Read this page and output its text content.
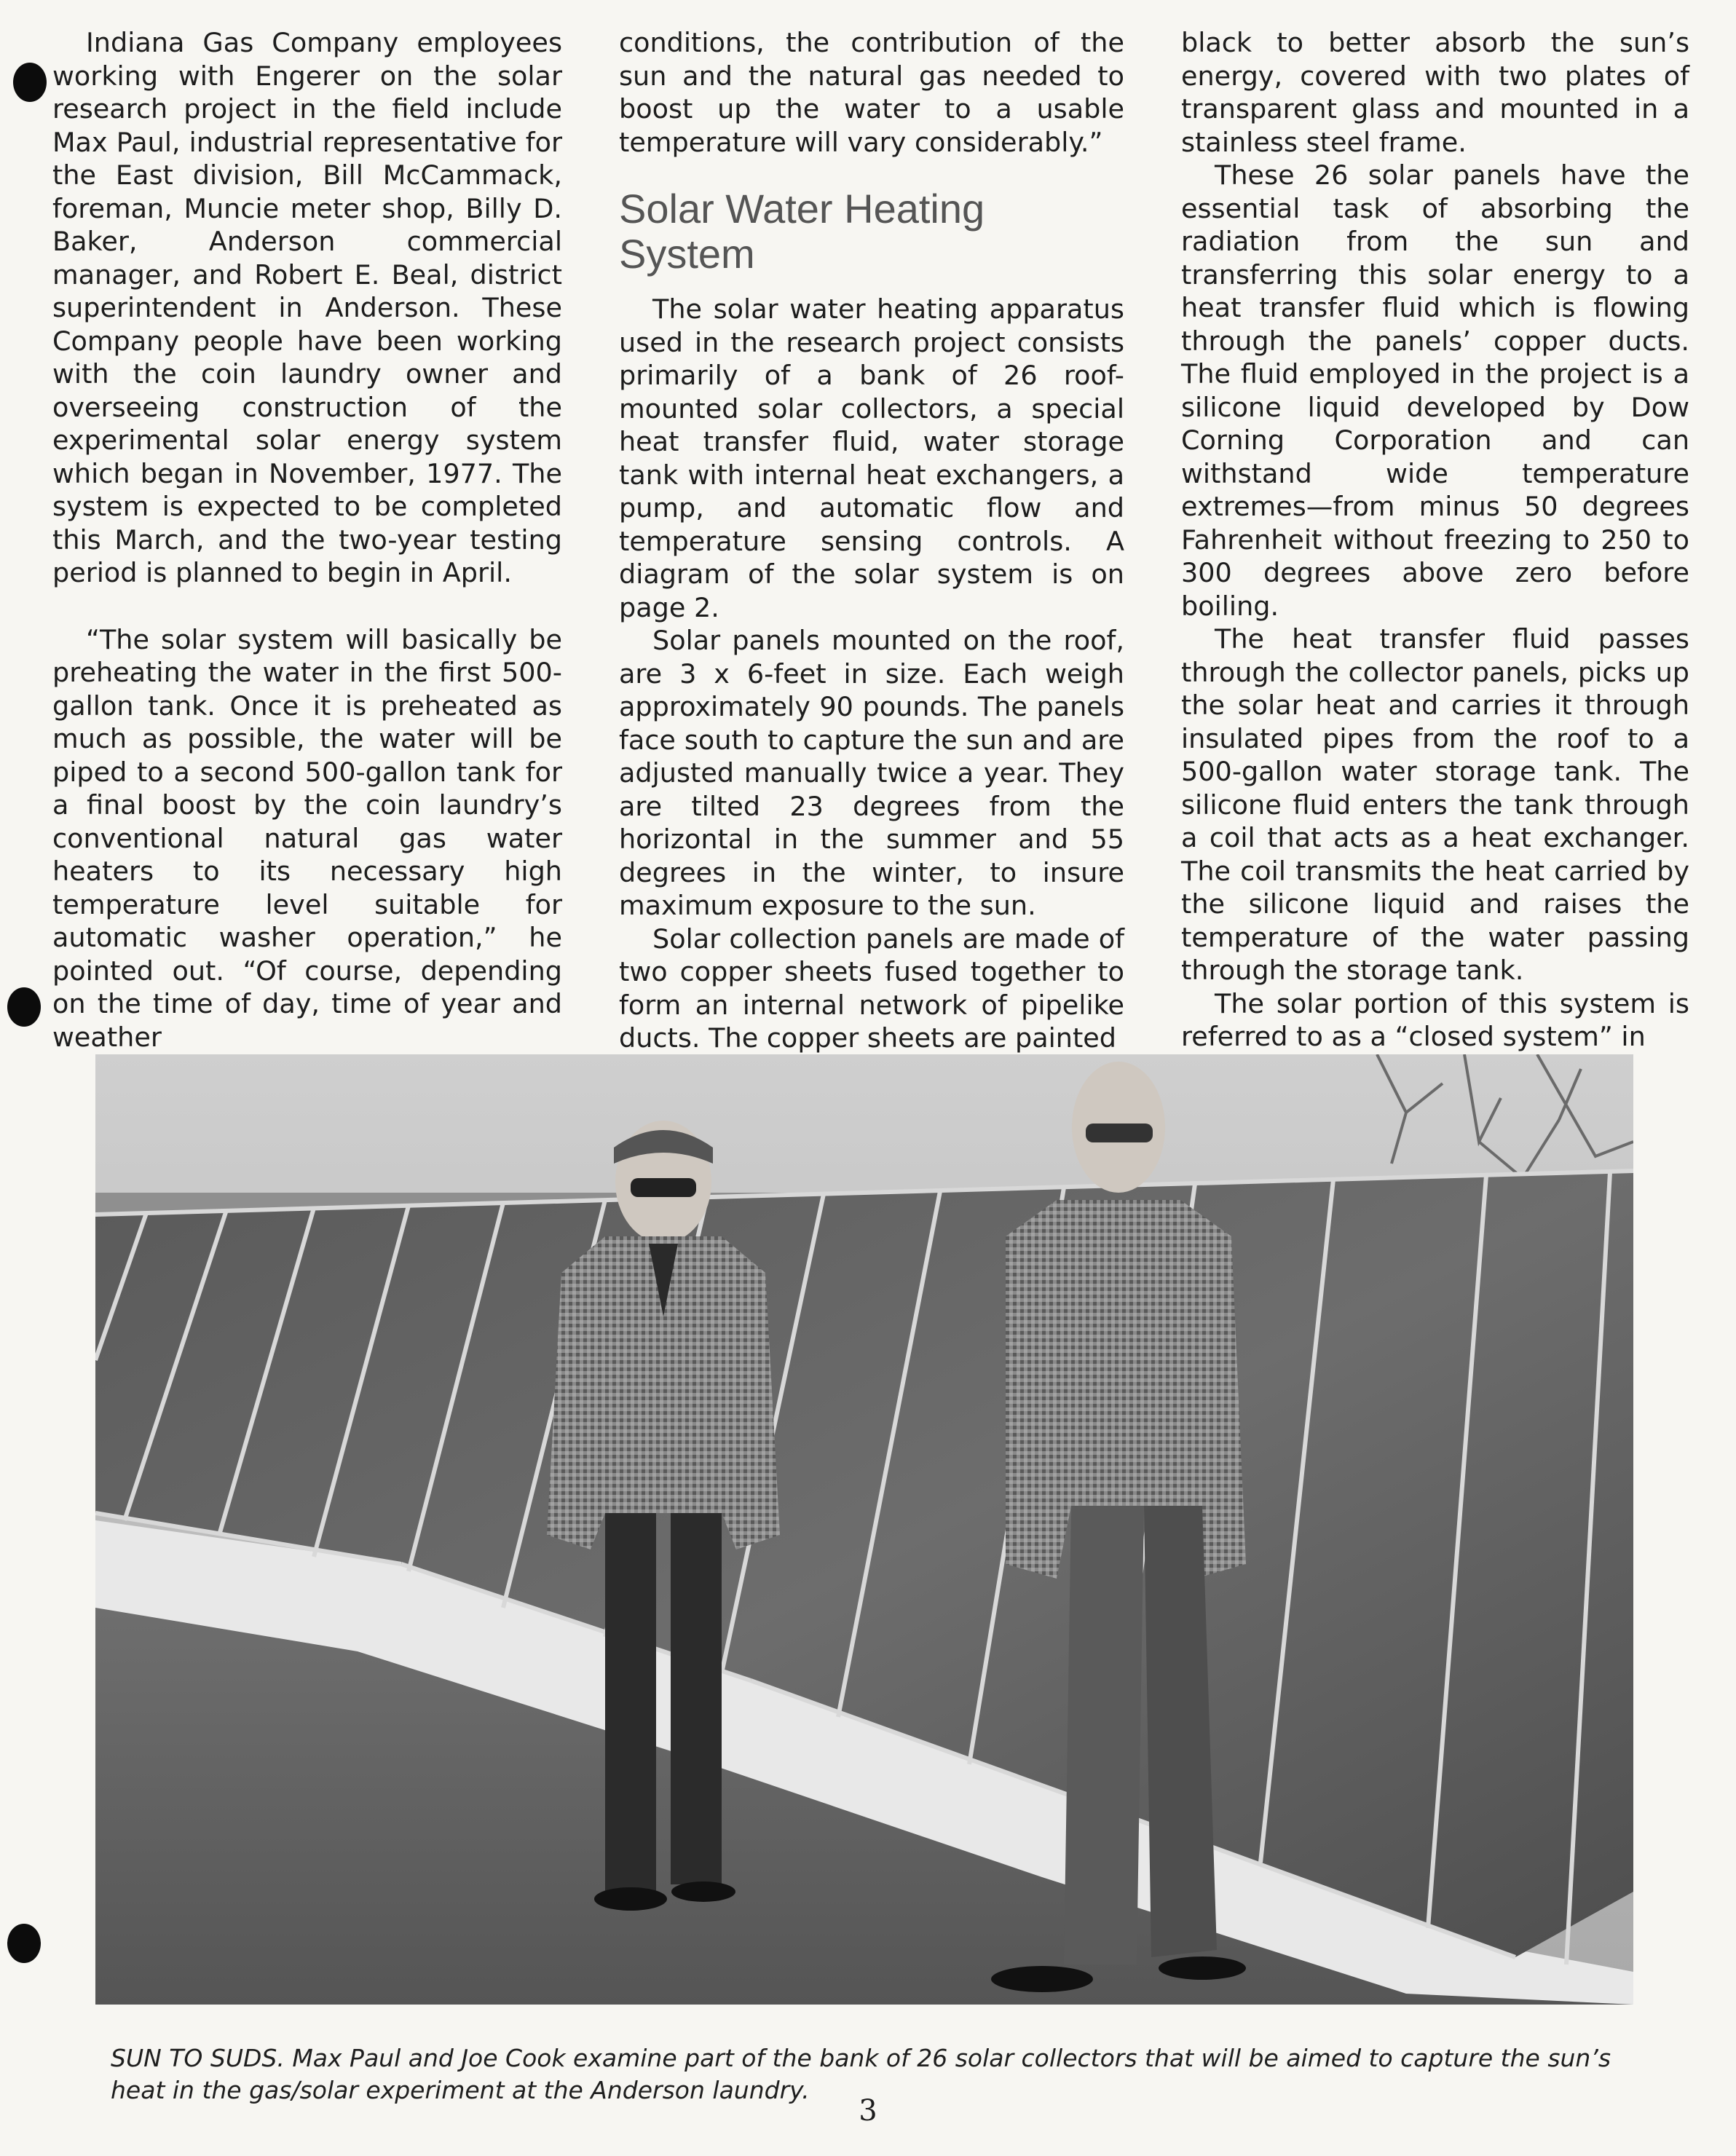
Indiana Gas Company employees working with Engerer on the solar research project in the field include Max Paul, industrial representative for the East division, Bill McCammack, foreman, Muncie meter shop, Billy D. Baker, Anderson commercial manager, and Robert E. Beal, district superintendent in Anderson. These Company people have been working with the coin laundry owner and overseeing construction of the experimental solar energy system which began in November, 1977. The system is expected to be completed this March, and the two-year testing period is planned to begin in April.

“The solar system will basically be preheating the water in the first 500-gallon tank. Once it is preheated as much as possible, the water will be piped to a second 500-gallon tank for a final boost by the coin laundry’s conventional natural gas water heaters to its necessary high temperature level suitable for automatic washer operation,” he pointed out. “Of course, depending on the time of day, time of year and weather

conditions, the contribution of the sun and the natural gas needed to boost up the water to a usable temperature will vary considerably.”

Solar Water Heating System

The solar water heating apparatus used in the research project consists primarily of a bank of 26 roof-mounted solar collectors, a special heat transfer fluid, water storage tank with internal heat exchangers, a pump, and automatic flow and temperature sensing controls. A diagram of the solar system is on page 2.

Solar panels mounted on the roof, are 3 x 6-feet in size. Each weigh approximately 90 pounds. The panels face south to capture the sun and are adjusted manually twice a year. They are tilted 23 degrees from the horizontal in the summer and 55 degrees in the winter, to insure maximum exposure to the sun.

Solar collection panels are made of two copper sheets fused together to form an internal network of pipelike ducts. The copper sheets are painted

black to better absorb the sun’s energy, covered with two plates of transparent glass and mounted in a stainless steel frame.

These 26 solar panels have the essential task of absorbing the radiation from the sun and transferring this solar energy to a heat transfer fluid which is flowing through the panels’ copper ducts. The fluid employed in the project is a silicone liquid developed by Dow Corning Corporation and can withstand wide temperature extremes—from minus 50 degrees Fahrenheit without freezing to 250 to 300 degrees above zero before boiling.

The heat transfer fluid passes through the collector panels, picks up the solar heat and carries it through insulated pipes from the roof to a 500-gallon water storage tank. The silicone fluid enters the tank through a coil that acts as a heat exchanger. The coil transmits the heat carried by the silicone liquid and raises the temperature of the water passing through the storage tank.

The solar portion of this system is referred to as a “closed system” in

SUN TO SUDS. Max Paul and Joe Cook examine part of the bank of 26 solar collectors that will be aimed to capture the sun’s heat in the gas/solar experiment at the Anderson laundry.

3
